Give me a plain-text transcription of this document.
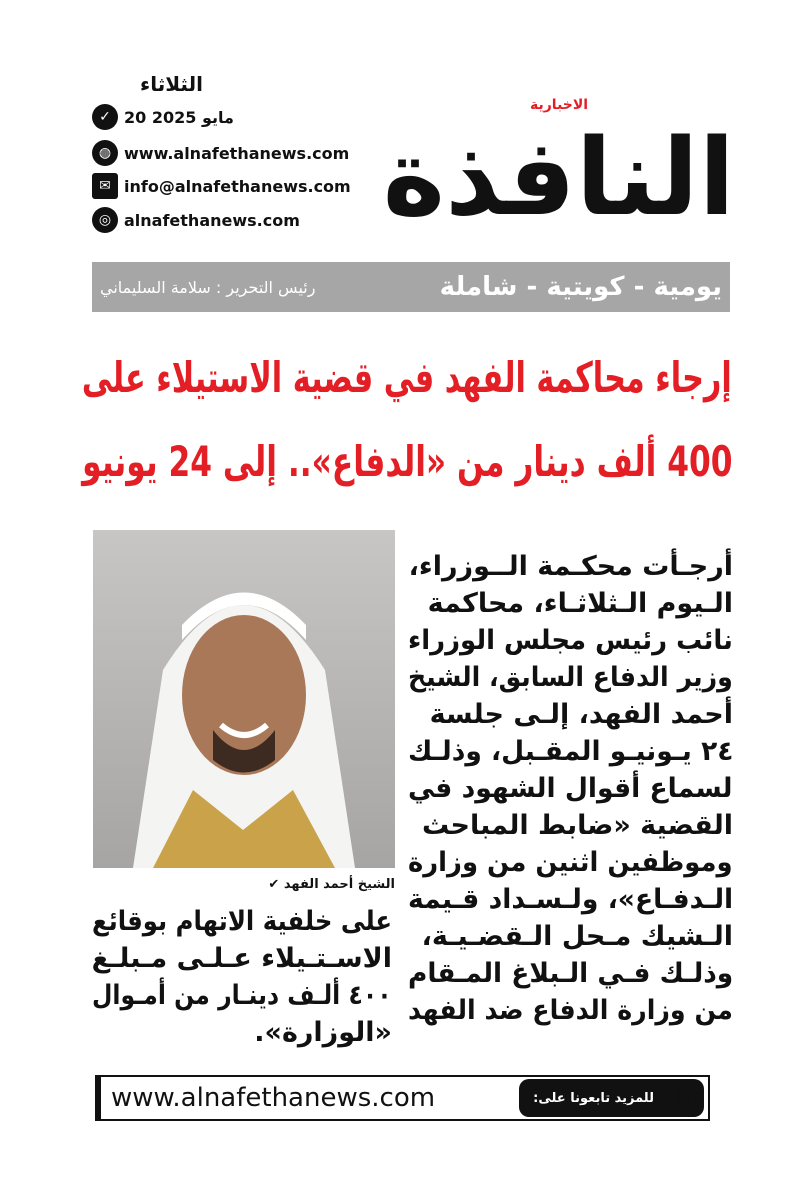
الثلاثاء
✓ 20 مايو 2025
◍ www.alnafethanews.com
✉ info@alnafethanews.com
◎ alnafethanews.com النافذة
الاخبارية
يومية - كويتية - شاملة
رئيس التحرير : سلامة السليماني
إرجاء محاكمة الفهد في قضية الاستيلاء على
400 ألف دينار من «الدفاع».. إلى 24 يونيو
الشيخ أحمد الفهد ✔
أرجـأت محكـمة الــوزراء،
الـيوم الـثلاثـاء، محاكمة
نائب رئيس مجلس الوزراء
وزير الدفاع السابق، الشيخ
أحمد الفهد، إلـى جلسة
٢٤ يـونيـو المقـبل، وذلـك
لسماع أقوال الشهود في
القضية «ضابط المباحث
وموظفين اثنين من وزارة
الـدفـاع»، ولـسـداد قـيمة
الـشيك مـحل الـقضـيـة،
وذلـك فـي الـبلاغ المـقام
من وزارة الدفاع ضد الفهد
على خلفية الاتهام بوقائع
الاسـتـيلاء عـلـى مـبلـغ
٤٠٠ ألـف دينـار من أمـوال
«الوزارة».
www.alnafethanews.com	للمزيد تابعونا على: ☑
